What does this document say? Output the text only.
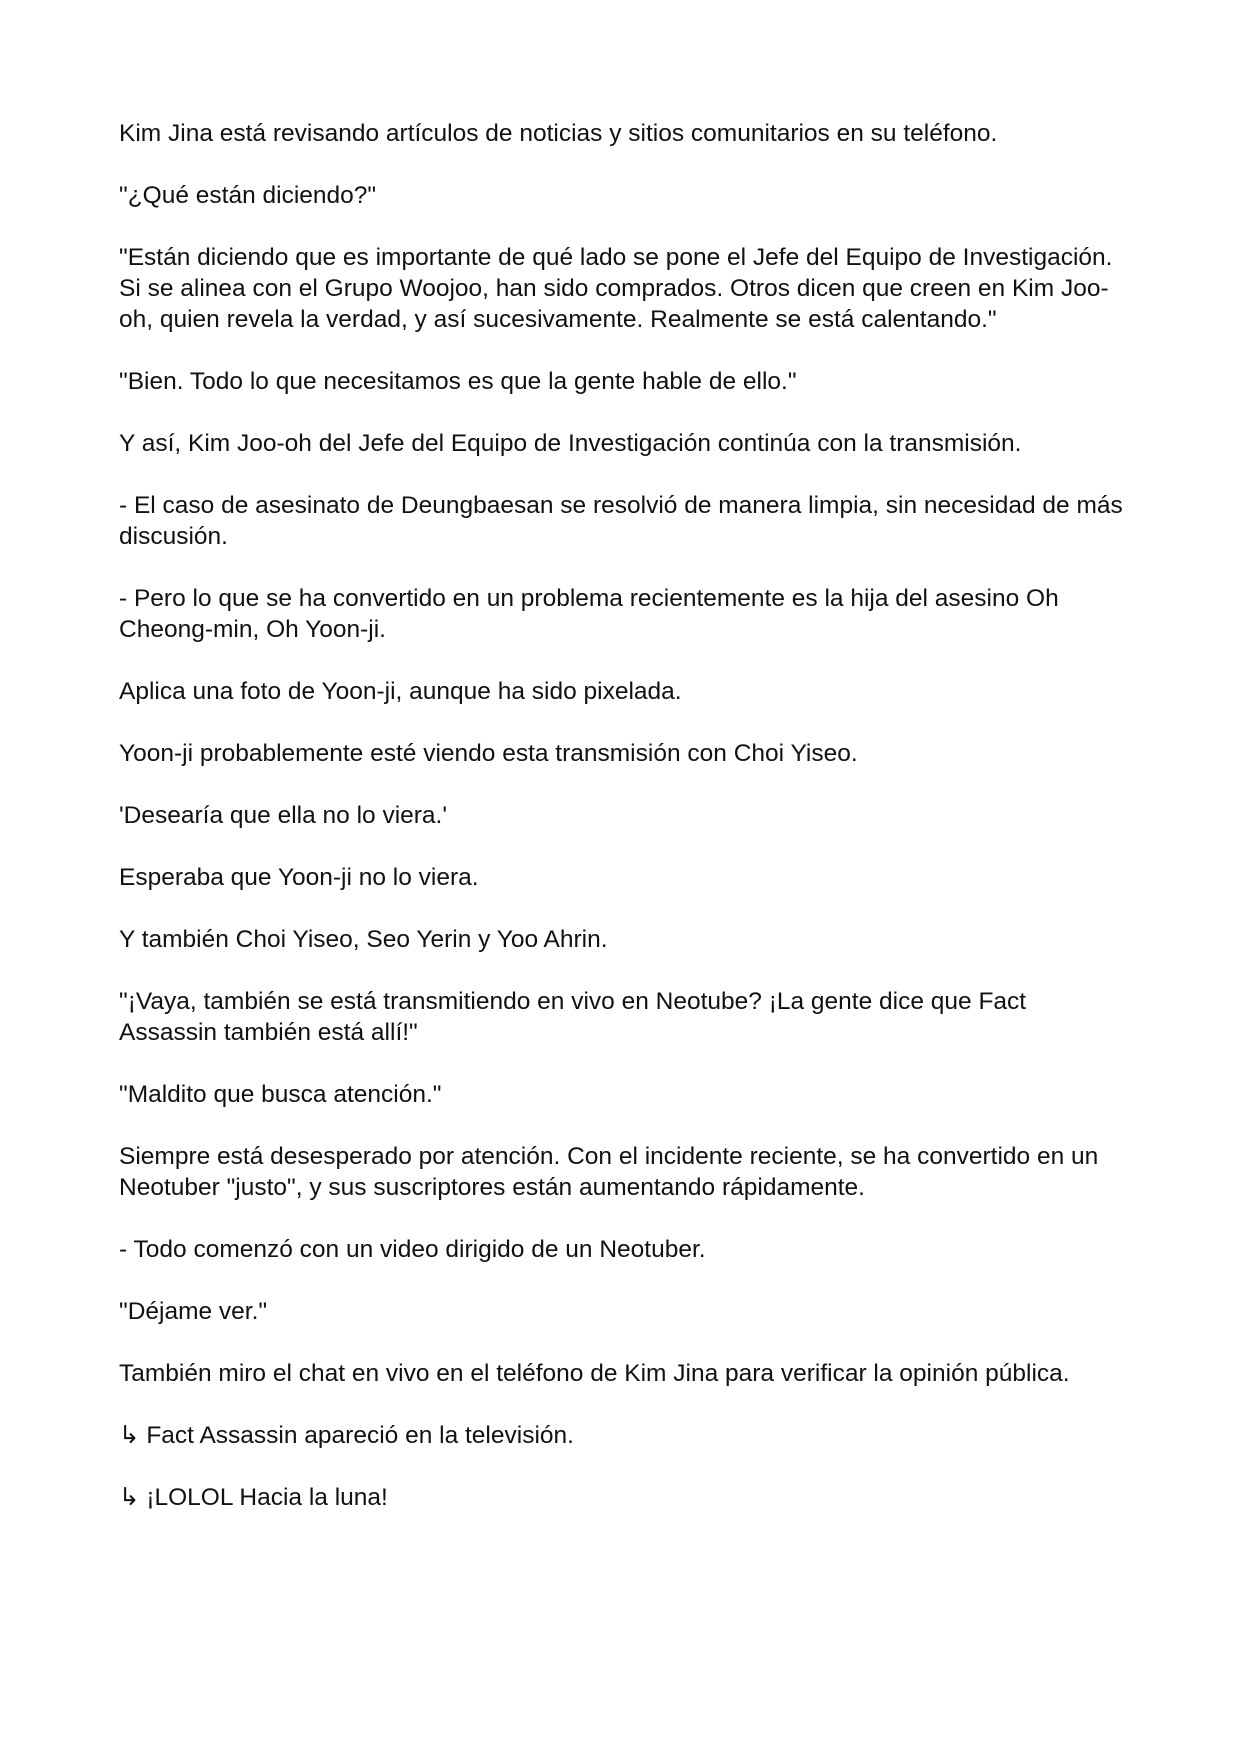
Kim Jina está revisando artículos de noticias y sitios comunitarios en su teléfono.

"¿Qué están diciendo?"

"Están diciendo que es importante de qué lado se pone el Jefe del Equipo de Investigación. Si se alinea con el Grupo Woojoo, han sido comprados. Otros dicen que creen en Kim Joo-oh, quien revela la verdad, y así sucesivamente. Realmente se está calentando."

"Bien. Todo lo que necesitamos es que la gente hable de ello."

Y así, Kim Joo-oh del Jefe del Equipo de Investigación continúa con la transmisión.

- El caso de asesinato de Deungbaesan se resolvió de manera limpia, sin necesidad de más discusión.

- Pero lo que se ha convertido en un problema recientemente es la hija del asesino Oh Cheong-min, Oh Yoon-ji.

Aplica una foto de Yoon-ji, aunque ha sido pixelada.

Yoon-ji probablemente esté viendo esta transmisión con Choi Yiseo.

'Desearía que ella no lo viera.'

Esperaba que Yoon-ji no lo viera.

Y también Choi Yiseo, Seo Yerin y Yoo Ahrin.

"¡Vaya, también se está transmitiendo en vivo en Neotube? ¡La gente dice que Fact Assassin también está allí!"

"Maldito que busca atención."

Siempre está desesperado por atención. Con el incidente reciente, se ha convertido en un Neotuber "justo", y sus suscriptores están aumentando rápidamente.

- Todo comenzó con un video dirigido de un Neotuber.

"Déjame ver."

También miro el chat en vivo en el teléfono de Kim Jina para verificar la opinión pública.

↳ Fact Assassin apareció en la televisión.

↳ ¡LOLOL Hacia la luna!
